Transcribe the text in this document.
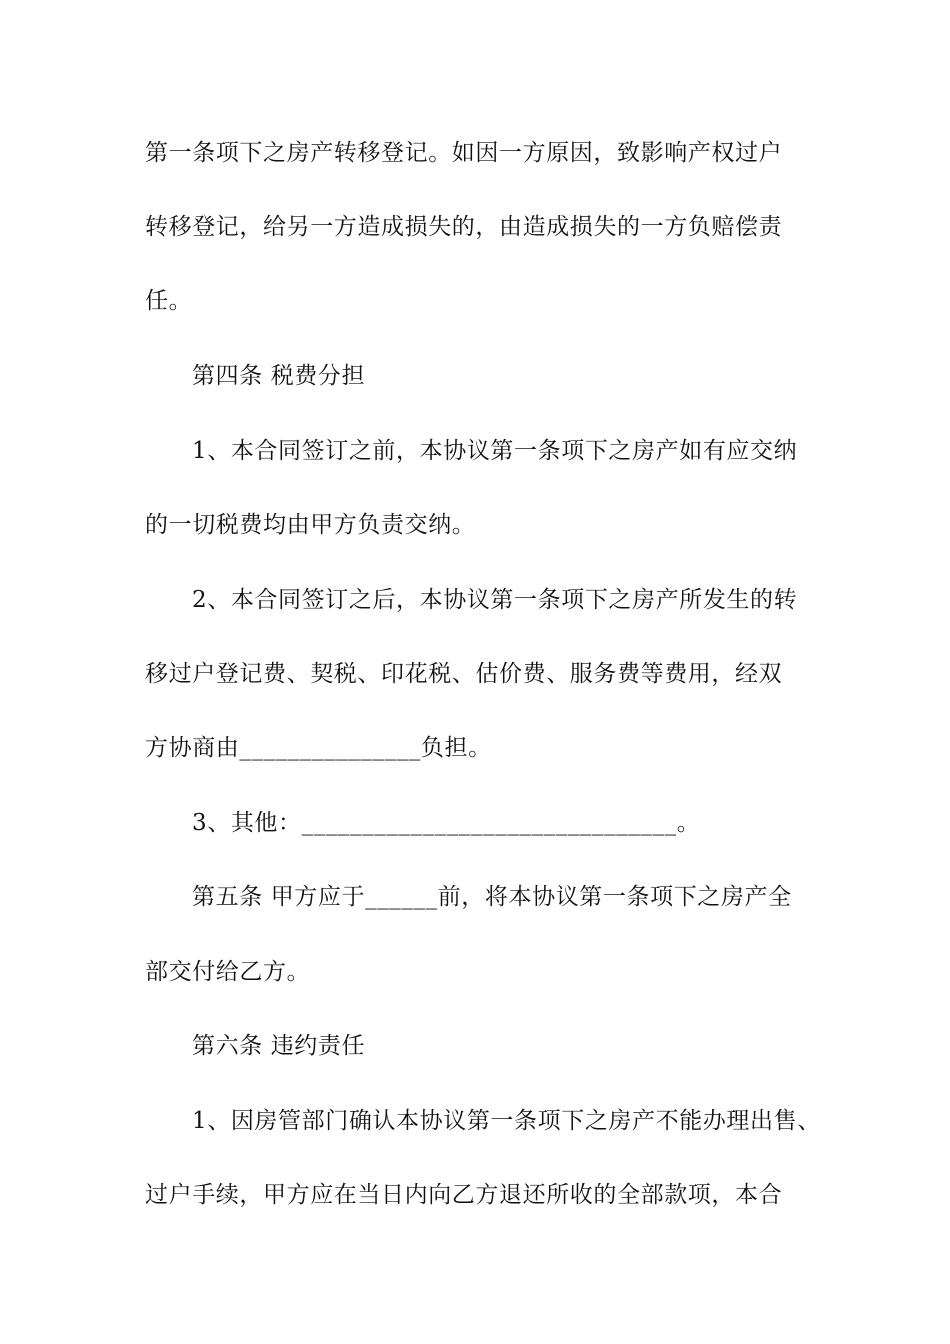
第一条项下之房产转移登记。如因一方原因，致影响产权过户
转移登记，给另一方造成损失的，由造成损失的一方负赔偿责
任。
第四条 税费分担
1、本合同签订之前，本协议第一条项下之房产如有应交纳
的一切税费均由甲方负责交纳。
2、本合同签订之后，本协议第一条项下之房产所发生的转
移过户登记费、契税、印花税、估价费、服务费等费用，经双
方协商由_______________负担。
3、其他：_______________________________。
第五条 甲方应于______前，将本协议第一条项下之房产全
部交付给乙方。
第六条 违约责任
1、因房管部门确认本协议第一条项下之房产不能办理出售、
过户手续，甲方应在当日内向乙方退还所收的全部款项，本合
